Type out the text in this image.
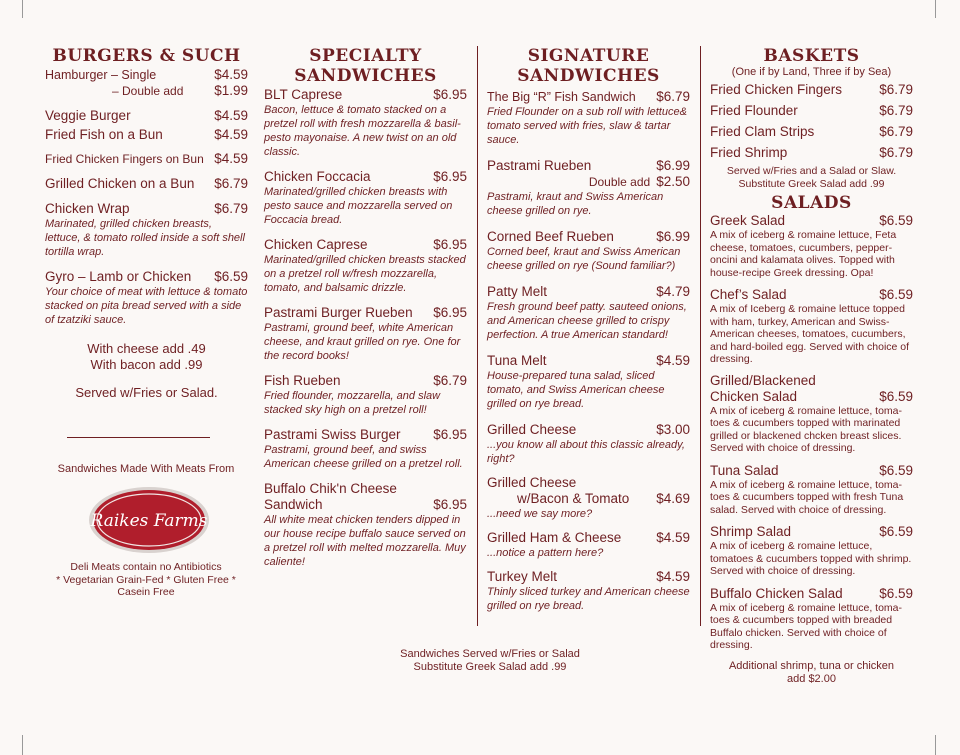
BURGERS & SUCH
Hamburger – Single	$4.59
– Double add $1.99
Veggie Burger	$4.59
Fried Fish on a Bun	$4.59
Fried Chicken Fingers on Bun $4.59
Grilled Chicken on a Bun $6.79
Chicken Wrap	$6.79

Marinated, grilled chicken breasts, lettuce, & tomato rolled inside a soft shell tortilla wrap.

Gyro – Lamb or Chicken $6.59

Your choice of meat with lettuce & tomato stacked on pita bread served with a side of tzatziki sauce.

With cheese add .49
With bacon add .99
Served w/Fries or Salad.
Sandwiches Made With Meats From
Raikes Farms
Deli Meats contain no Antibiotics
* Vegetarian Grain-Fed * Gluten Free *
Casein Free
SPECIALTY SANDWICHES
BLT Caprese	$6.95

Bacon, lettuce & tomato stacked on a pretzel roll with fresh mozzarella & basil-pesto mayonaise. A new twist on an old classic.

Chicken Foccacia	$6.95

Marinated/grilled chicken breasts with pesto sauce and mozzarella served on Foccacia bread.

Chicken Caprese	$6.95

Marinated/grilled chicken breasts stacked on a pretzel roll w/fresh mozzarella, tomato, and balsamic drizzle.

Pastrami Burger Rueben $6.95

Pastrami, ground beef, white American cheese, and kraut grilled on rye. One for the record books!

Fish Rueben	$6.79

Fried flounder, mozzarella, and slaw stacked sky high on a pretzel roll!

Pastrami Swiss Burger $6.95

Pastrami, ground beef, and swiss American cheese grilled on a pretzel roll.

Buffalo Chik'n Cheese
Sandwich	$6.95

All white meat chicken tenders dipped in our house recipe buffalo sauce served on a pretzel roll with melted mozzarella. Muy caliente!

SIGNATURE SANDWICHES
The Big “R” Fish Sandwich $6.79

Fried Flounder on a sub roll with lettuce& tomato served with fries, slaw & tartar sauce.

Pastrami Rueben	$6.99
Double add $2.50

Pastrami, kraut and Swiss American cheese grilled on rye.

Corned Beef Rueben	$6.99

Corned beef, kraut and Swiss American cheese grilled on rye (Sound familiar?)

Patty Melt	$4.79

Fresh ground beef patty. sauteed onions, and American cheese grilled to crispy perfection. A true American standard!

Tuna Melt	$4.59

House-prepared tuna salad, sliced tomato, and Swiss American cheese grilled on rye bread.

Grilled Cheese	$3.00

...you know all about this classic already, right?

Grilled Cheese
w/Bacon & Tomato $4.69

...need we say more?

Grilled Ham & Cheese	$4.59

...notice a pattern here?

Turkey Melt	$4.59

Thinly sliced turkey and American cheese grilled on rye bread.

Sandwiches Served w/Fries or Salad
Substitute Greek Salad add .99
BASKETS
(One if by Land, Three if by Sea)
Fried Chicken Fingers	$6.79
Fried Flounder	$6.79
Fried Clam Strips	$6.79
Fried Shrimp	$6.79
Served w/Fries and a Salad or Slaw.
Substitute Greek Salad add .99
SALADS
Greek Salad	$6.59

A mix of iceberg & romaine lettuce, Feta cheese, tomatoes, cucumbers, pepper-oncini and kalamata olives. Topped with house-recipe Greek dressing. Opa!

Chef’s Salad	$6.59

A mix of Iceberg & romaine lettuce topped with ham, turkey, American and Swiss-American cheeses, tomatoes, cucumbers, and hard-boiled egg. Served with choice of dressing.

Grilled/Blackened
Chicken Salad	$6.59

A mix of iceberg & romaine lettuce, toma-toes & cucumbers topped with marinated grilled or blackened chcken breast slices. Served with choice of dressing.

Tuna Salad	$6.59

A mix of iceberg & romaine lettuce, toma-toes & cucumbers topped with fresh Tuna salad. Served with choice of dressing.

Shrimp Salad	$6.59

A mix of iceberg & romaine lettuce, tomatoes & cucumbers topped with shrimp. Served with choice of dressing.

Buffalo Chicken Salad	$6.59

A mix of iceberg & romaine lettuce, toma-toes & cucumbers topped with breaded Buffalo chicken. Served with choice of dressing.

Additional shrimp, tuna or chicken
add $2.00
